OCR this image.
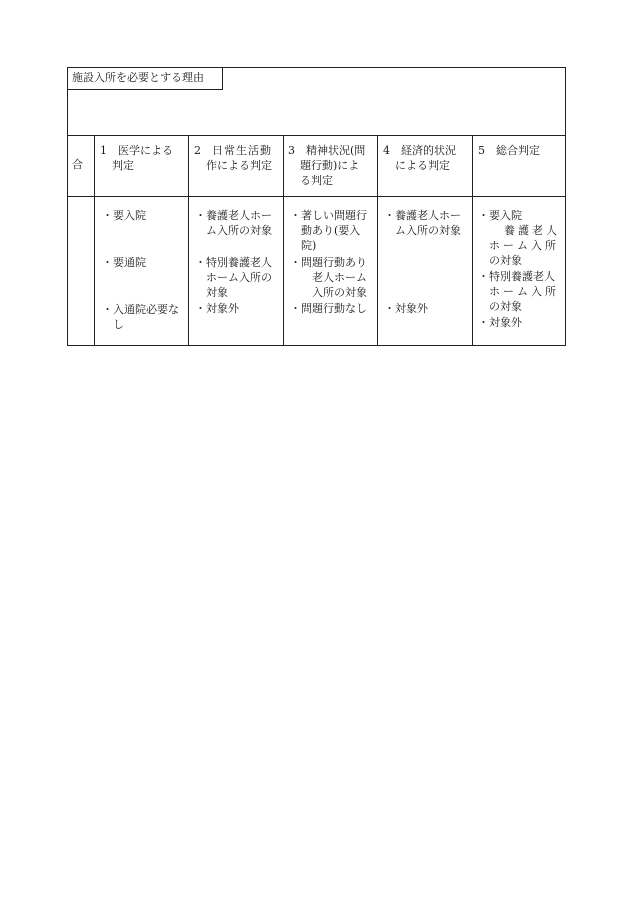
施設入所を必要とする理由
合
1 医学による
判定
2 日常生活動
作による判定
3 精神状況(問
題行動)によ
る判定
4 経済的状況
による判定
5 総合判定
・要入院
・要通院
・入通院必要な
し
・養護老人ホー
ム入所の対象
・特別養護老人
ホーム入所の
対象
・対象外
・著しい問題行
動あり(要入
院)
・問題行動あり
老人ホーム
入所の対象
・問題行動なし
・養護老人ホー
ム入所の対象
・対象外
・要入院
養護老人
ホーム入所
の対象
・特別養護老人
ホーム入所
の対象
・対象外
